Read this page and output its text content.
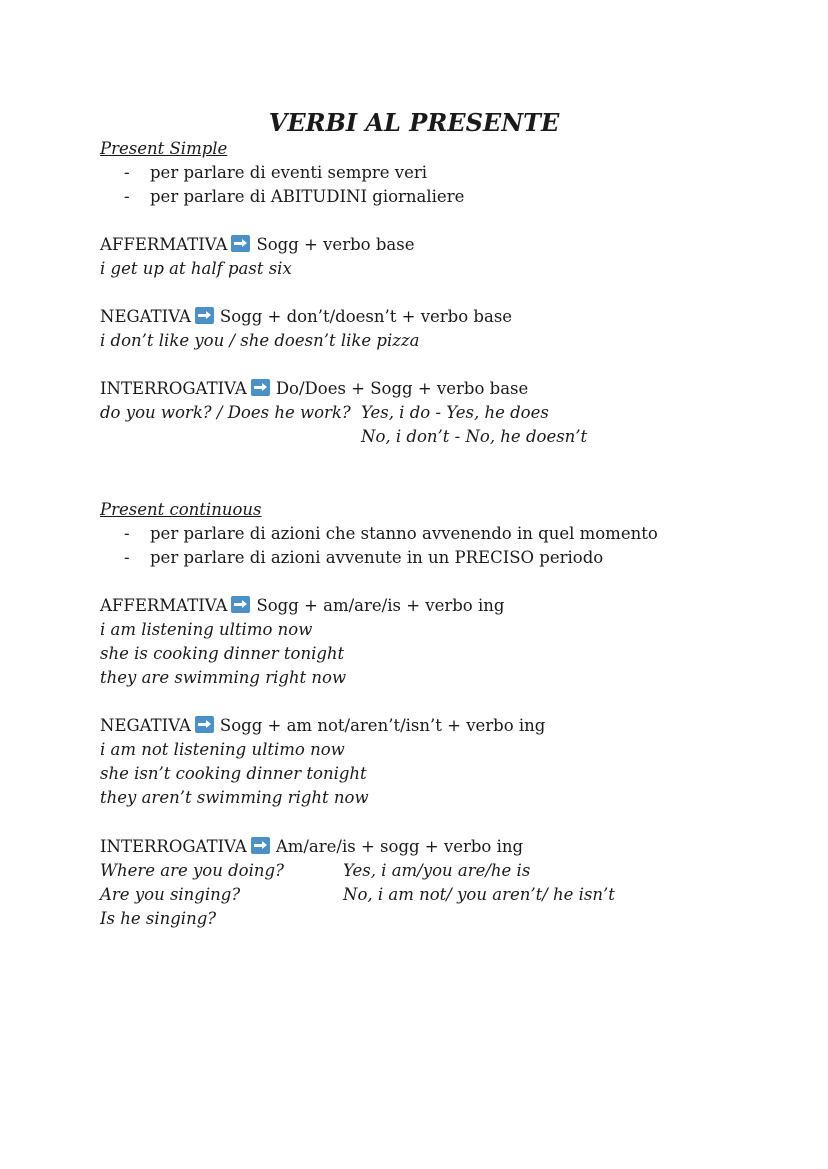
VERBI AL PRESENTE
Present Simple
- per parlare di eventi sempre veri
- per parlare di ABITUDINI giornaliere
AFFERMATIVA Sogg + verbo base
i get up at half past six
NEGATIVA Sogg + don’t/doesn’t + verbo base
i don’t like you / she doesn’t like pizza
INTERROGATIVA Do/Does + Sogg + verbo base
do you work? / Does he work? Yes, i do - Yes, he does
No, i don’t - No, he doesn’t
Present continuous
- per parlare di azioni che stanno avvenendo in quel momento
- per parlare di azioni avvenute in un PRECISO periodo
AFFERMATIVA Sogg + am/are/is + verbo ing
i am listening ultimo now
she is cooking dinner tonight
they are swimming right now
NEGATIVA Sogg + am not/aren’t/isn’t + verbo ing
i am not listening ultimo now
she isn’t cooking dinner tonight
they aren’t swimming right now
INTERROGATIVA Am/are/is + sogg + verbo ing
Where are you doing?
Are you singing?
Is he singing?
Yes, i am/you are/he is
No, i am not/ you aren’t/ he isn’t
